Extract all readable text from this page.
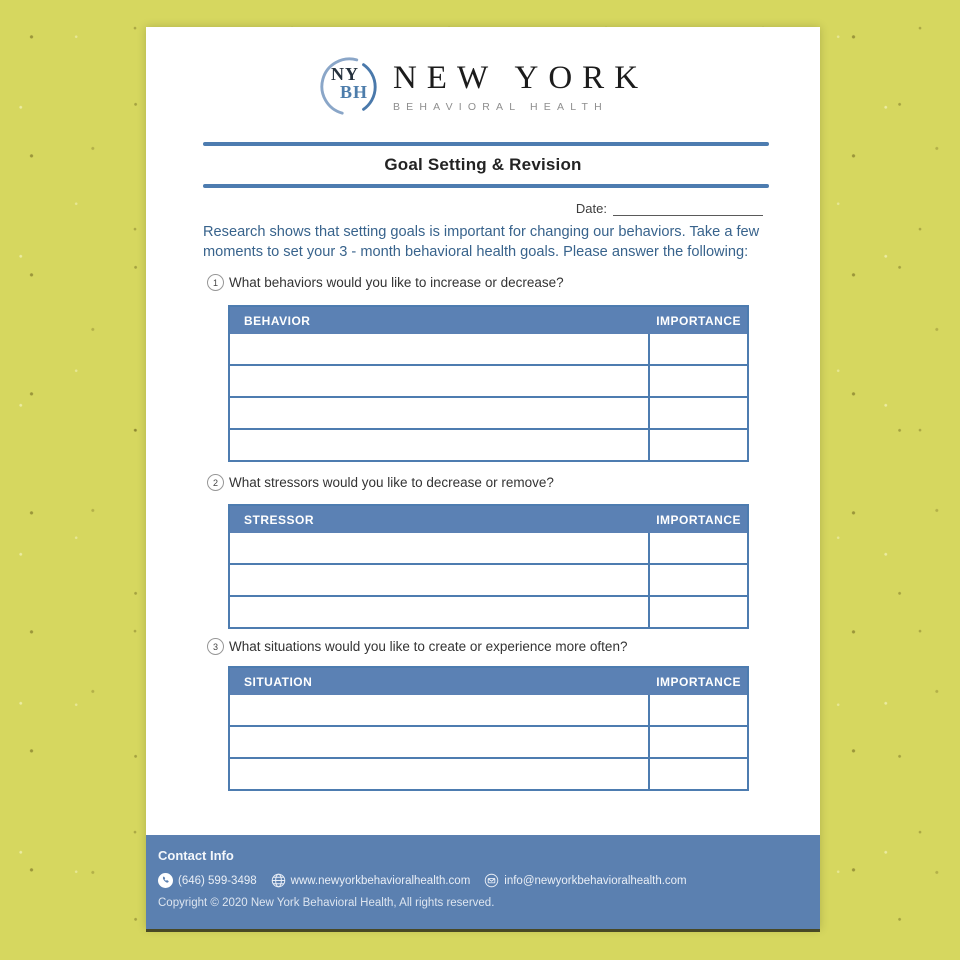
NY
BH NEW YORK
BEHAVIORAL HEALTH
Goal Setting & Revision
Date:
Research shows that setting goals is important for changing our behaviors. Take a few moments to set your 3 - month behavioral health goals. Please answer the following:
1 What behaviors would you like to increase or decrease?
BEHAVIOR	IMPORTANCE
2 What stressors would you like to decrease or remove?
STRESSOR	IMPORTANCE
3 What situations would you like to create or experience more often?
SITUATION	IMPORTANCE
Contact Info
(646) 599-3498	www.newyorkbehavioralhealth.com	info@newyorkbehavioralhealth.com
Copyright © 2020 New York Behavioral Health, All rights reserved.
